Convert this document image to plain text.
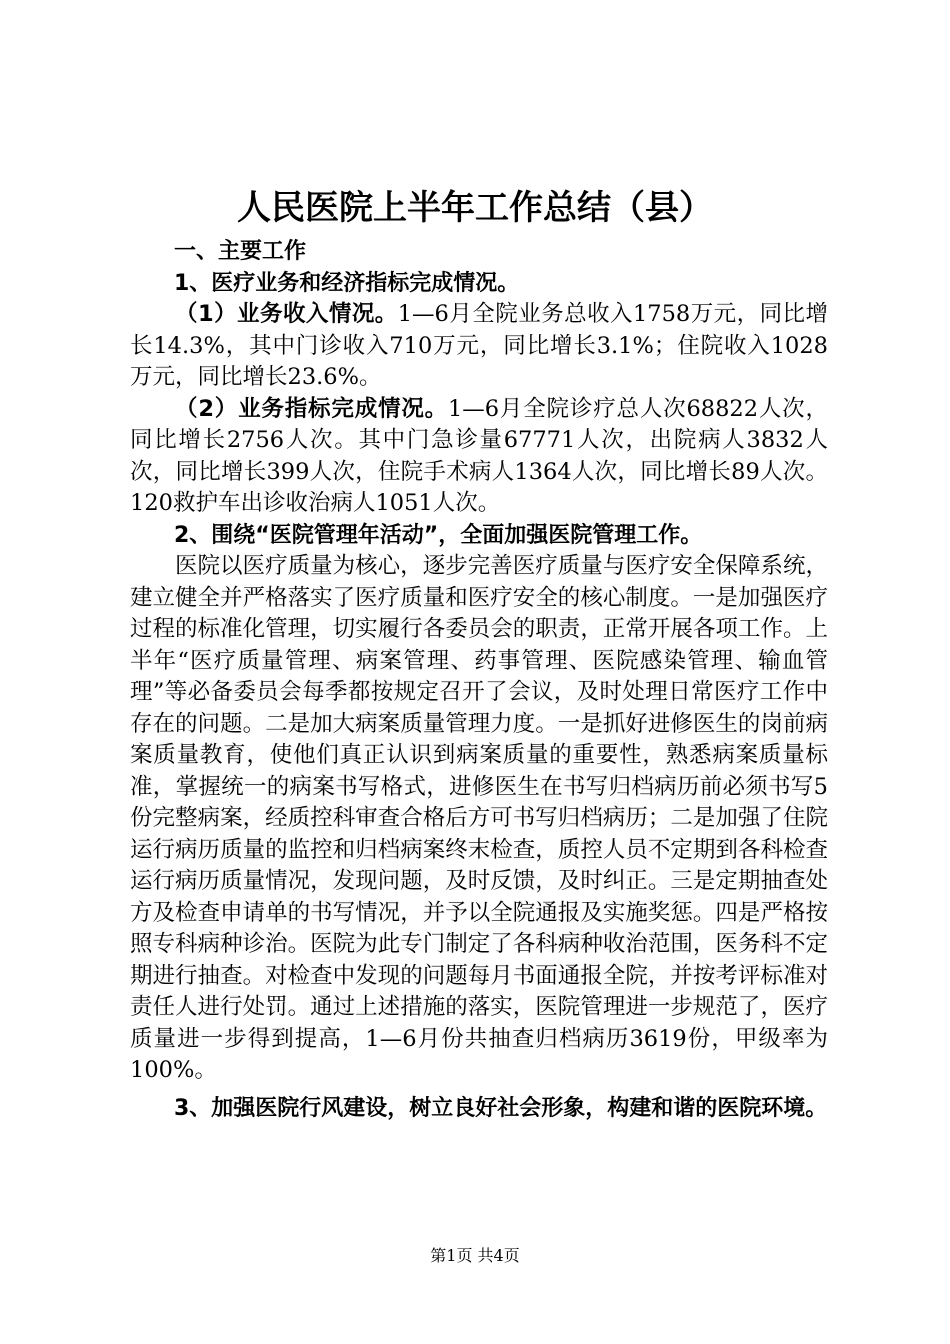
人民医院上半年工作总结（县）

一、主要工作

1、医疗业务和经济指标完成情况。

（1）业务收入情况。1—6月全院业务总收入1758万元，同比增长14.3%，其中门诊收入710万元，同比增长3.1%；住院收入1028万元，同比增长23.6%。

（2）业务指标完成情况。1—6月全院诊疗总人次68822人次，同比增长2756人次。其中门急诊量67771人次，出院病人3832人次，同比增长399人次，住院手术病人1364人次，同比增长89人次。120救护车出诊收治病人1051人次。

2、围绕“医院管理年活动”，全面加强医院管理工作。

医院以医疗质量为核心，逐步完善医疗质量与医疗安全保障系统，建立健全并严格落实了医疗质量和医疗安全的核心制度。一是加强医疗过程的标准化管理，切实履行各委员会的职责，正常开展各项工作。上半年“医疗质量管理、病案管理、药事管理、医院感染管理、输血管理”等必备委员会每季都按规定召开了会议，及时处理日常医疗工作中存在的问题。二是加大病案质量管理力度。一是抓好进修医生的岗前病案质量教育，使他们真正认识到病案质量的重要性，熟悉病案质量标准，掌握统一的病案书写格式，进修医生在书写归档病历前必须书写5份完整病案，经质控科审查合格后方可书写归档病历；二是加强了住院运行病历质量的监控和归档病案终末检查，质控人员不定期到各科检查运行病历质量情况，发现问题，及时反馈，及时纠正。三是定期抽查处方及检查申请单的书写情况，并予以全院通报及实施奖惩。四是严格按照专科病种诊治。医院为此专门制定了各科病种收治范围，医务科不定期进行抽查。对检查中发现的问题每月书面通报全院，并按考评标准对责任人进行处罚。通过上述措施的落实，医院管理进一步规范了，医疗质量进一步得到提高，1—6月份共抽查归档病历3619份，甲级率为100%。

3、加强医院行风建设，树立良好社会形象，构建和谐的医院环境。

第1页 共4页
